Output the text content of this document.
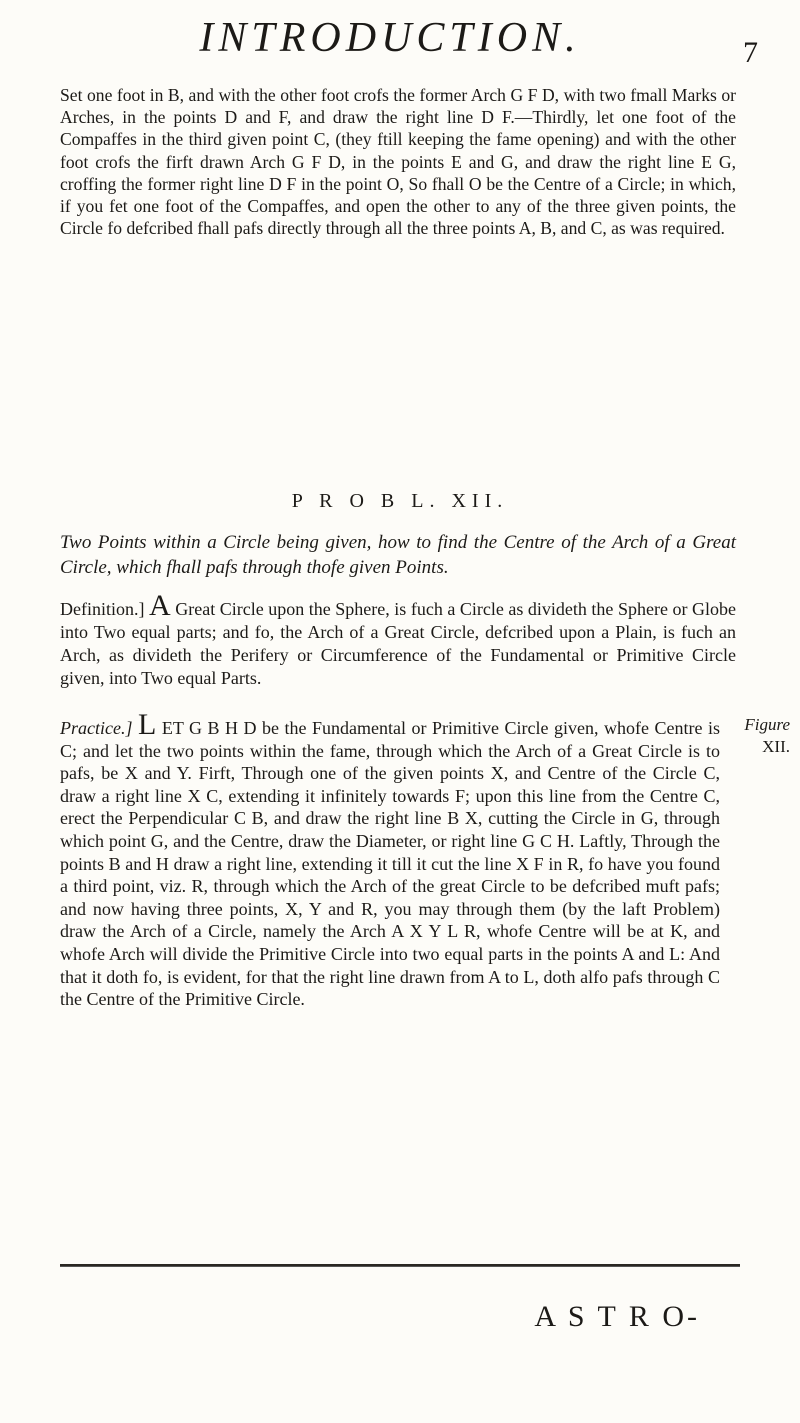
INTRODUCTION.	7

Set one foot in B, and with the other foot crofs the former Arch G F D, with two fmall Marks or Arches, in the points D and F, and draw the right line D F.—Thirdly, let one foot of the Compaffes in the third given point C, (they ftill keeping the fame opening) and with the other foot crofs the firft drawn Arch G F D, in the points E and G, and draw the right line E G, croffing the former right line D F in the point O, So fhall O be the Centre of a Circle; in which, if you fet one foot of the Compaffes, and open the other to any of the three given points, the Circle fo defcribed fhall pafs directly through all the three points A, B, and C, as was required.

P R O B L. XII.
Two Points within a Circle being given, how to find the Centre of the Arch of a Great Circle, which fhall pafs through thofe given Points.
Definition.] A Great Circle upon the Sphere, is fuch a Circle as divideth the Sphere or Globe into Two equal parts; and fo, the Arch of a Great Circle, defcribed upon a Plain, is fuch an Arch, as divideth the Perifery or Circumference of the Fundamental or Primitive Circle given, into Two equal Parts.
Figure
XII.
Practice.] L ET G B H D be the Fundamental or Primitive Circle given, whofe Centre is C; and let the two points within the fame, through which the Arch of a Great Circle is to pafs, be X and Y. Firft, Through one of the given points X, and Centre of the Circle C, draw a right line X C, extending it infinitely towards F; upon this line from the Centre C, erect the Perpendicular C B, and draw the right line B X, cutting the Circle in G, through which point G, and the Centre, draw the Diameter, or right line G C H. Laftly, Through the points B and H draw a right line, extending it till it cut the line X F in R, fo have you found a third point, viz. R, through which the Arch of the great Circle to be defcribed muft pafs; and now having three points, X, Y and R, you may through them (by the laft Problem) draw the Arch of a Circle, namely the Arch A X Y L R, whofe Centre will be at K, and whofe Arch will divide the Primitive Circle into two equal parts in the points A and L: And that it doth fo, is evident, for that the right line drawn from A to L, doth alfo pafs through C the Centre of the Primitive Circle.
A S T R O-
